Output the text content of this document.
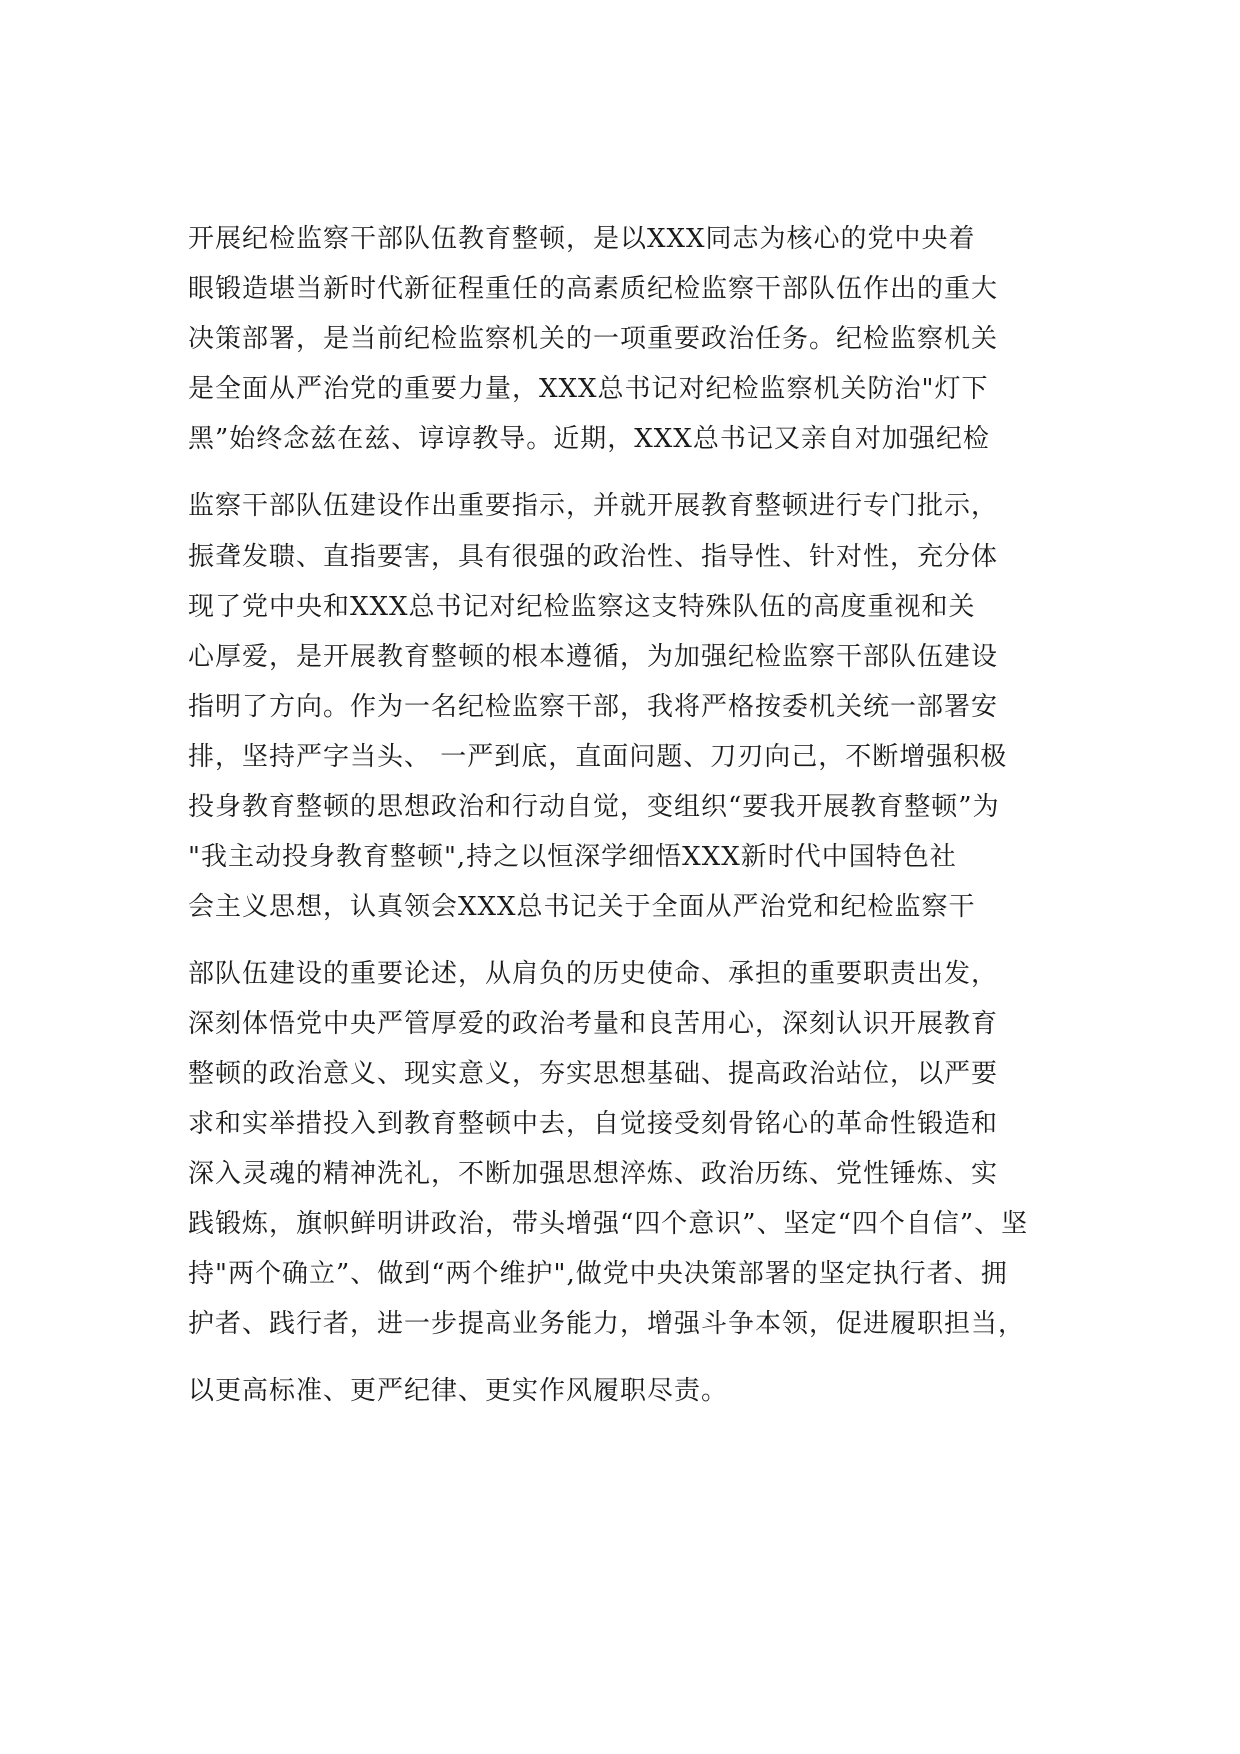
开展纪检监察干部队伍教育整顿，是以XXX同志为核心的党中央着

眼锻造堪当新时代新征程重任的高素质纪检监察干部队伍作出的重大

决策部署，是当前纪检监察机关的一项重要政治任务。纪检监察机关

是全面从严治党的重要力量，XXX总书记对纪检监察机关防治"灯下

黑”始终念兹在兹、谆谆教导。近期，XXX总书记又亲自对加强纪检

监察干部队伍建设作出重要指示，并就开展教育整顿进行专门批示，

振聋发聩、直指要害，具有很强的政治性、指导性、针对性，充分体

现了党中央和XXX总书记对纪检监察这支特殊队伍的高度重视和关

心厚爱，是开展教育整顿的根本遵循，为加强纪检监察干部队伍建设

指明了方向。作为一名纪检监察干部，我将严格按委机关统一部署安

排，坚持严字当头、 一严到底，直面问题、刀刃向己，不断增强积极

投身教育整顿的思想政治和行动自觉，变组织“要我开展教育整顿”为

"我主动投身教育整顿",持之以恒深学细悟XXX新时代中国特色社

会主义思想，认真领会XXX总书记关于全面从严治党和纪检监察干

部队伍建设的重要论述，从肩负的历史使命、承担的重要职责出发，

深刻体悟党中央严管厚爱的政治考量和良苦用心，深刻认识开展教育

整顿的政治意义、现实意义，夯实思想基础、提高政治站位，以严要

求和实举措投入到教育整顿中去，自觉接受刻骨铭心的革命性锻造和

深入灵魂的精神洗礼，不断加强思想淬炼、政治历练、党性锤炼、实

践锻炼，旗帜鲜明讲政治，带头增强“四个意识”、坚定“四个自信”、坚

持"两个确立”、做到“两个维护",做党中央决策部署的坚定执行者、拥

护者、践行者，进一步提高业务能力，增强斗争本领，促进履职担当，

以更高标准、更严纪律、更实作风履职尽责。
